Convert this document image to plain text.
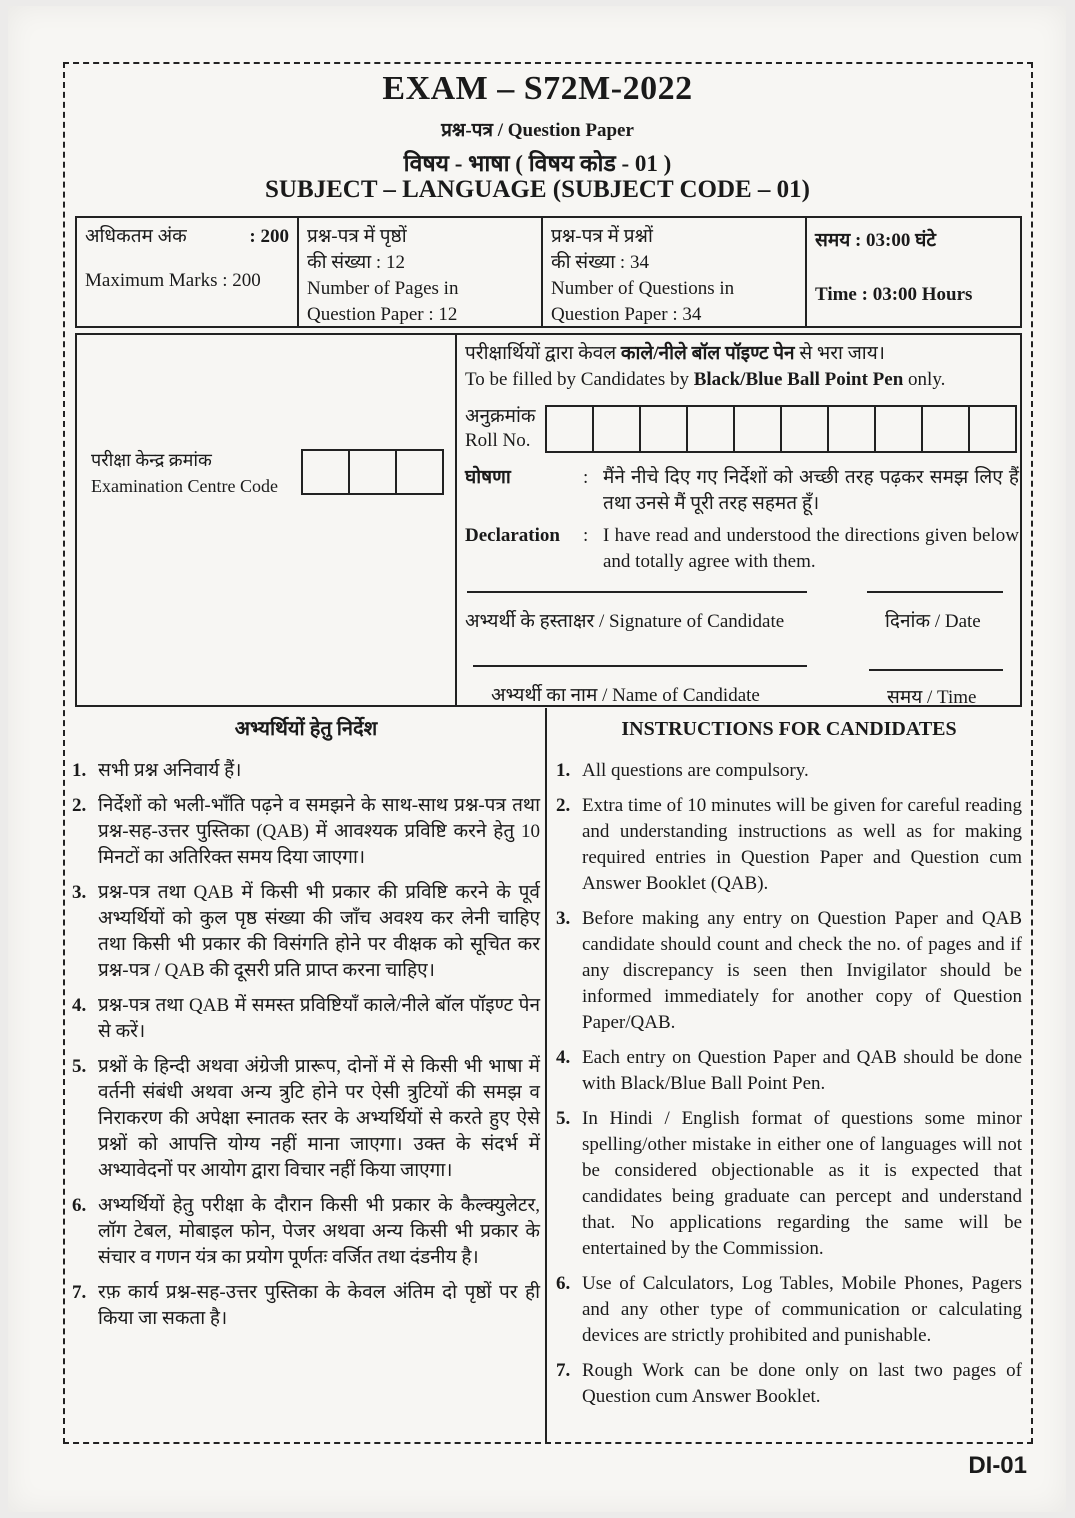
EXAM – S72M-2022
प्रश्न-पत्र / Question Paper
विषय - भाषा ( विषय कोड - 01 )
SUBJECT – LANGUAGE (SUBJECT CODE – 01)
अधिकतम अंक	: 200
Maximum Marks : 200
प्रश्न-पत्र में पृष्ठों
की संख्या : 12
Number of Pages in
Question Paper : 12
प्रश्न-पत्र में प्रश्नों
की संख्या : 34
Number of Questions in
Question Paper : 34
समय : 03:00 घंटे
Time : 03:00 Hours
परीक्षा केन्द्र क्रमांक
Examination Centre Code
परीक्षार्थियों द्वारा केवल काले/नीले बॉल पॉइण्ट पेन से भरा जाय।
To be filled by Candidates by Black/Blue Ball Point Pen only.
अनुक्रमांक
Roll No.
घोषणा	: मैंने नीचे दिए गए निर्देशों को अच्छी तरह पढ़कर समझ लिए हैं तथा उनसे मैं पूरी तरह सहमत हूँ।
Declaration	: I have read and understood the directions given below and totally agree with them.
अभ्यर्थी के हस्ताक्षर / Signature of Candidate	दिनांक / Date
अभ्यर्थी का नाम / Name of Candidate	समय / Time
अभ्यर्थियों हेतु निर्देश
1. सभी प्रश्न अनिवार्य हैं।
2. निर्देशों को भली-भाँति पढ़ने व समझने के साथ-साथ प्रश्न-पत्र तथा प्रश्न-सह-उत्तर पुस्तिका (QAB) में आवश्यक प्रविष्टि करने हेतु 10 मिनटों का अतिरिक्त समय दिया जाएगा।
3. प्रश्न-पत्र तथा QAB में किसी भी प्रकार की प्रविष्टि करने के पूर्व अभ्यर्थियों को कुल पृष्ठ संख्या की जाँच अवश्य कर लेनी चाहिए तथा किसी भी प्रकार की विसंगति होने पर वीक्षक को सूचित कर प्रश्न-पत्र / QAB की दूसरी प्रति प्राप्त करना चाहिए।
4. प्रश्न-पत्र तथा QAB में समस्त प्रविष्टियाँ काले/नीले बॉल पॉइण्ट पेन से करें।
5. प्रश्नों के हिन्दी अथवा अंग्रेजी प्रारूप, दोनों में से किसी भी भाषा में वर्तनी संबंधी अथवा अन्य त्रुटि होने पर ऐसी त्रुटियों की समझ व निराकरण की अपेक्षा स्नातक स्तर के अभ्यर्थियों से करते हुए ऐसे प्रश्नों को आपत्ति योग्य नहीं माना जाएगा। उक्त के संदर्भ में अभ्यावेदनों पर आयोग द्वारा विचार नहीं किया जाएगा।
6. अभ्यर्थियों हेतु परीक्षा के दौरान किसी भी प्रकार के कैल्क्युलेटर, लॉग टेबल, मोबाइल फोन, पेजर अथवा अन्य किसी भी प्रकार के संचार व गणन यंत्र का प्रयोग पूर्णतः वर्जित तथा दंडनीय है।
7. रफ़ कार्य प्रश्न-सह-उत्तर पुस्तिका के केवल अंतिम दो पृष्ठों पर ही किया जा सकता है।
INSTRUCTIONS FOR CANDIDATES
1. All questions are compulsory.
2. Extra time of 10 minutes will be given for careful reading and understanding instructions as well as for making required entries in Question Paper and Question cum Answer Booklet (QAB).
3. Before making any entry on Question Paper and QAB candidate should count and check the no. of pages and if any discrepancy is seen then Invigilator should be informed immediately for another copy of Question Paper/QAB.
4. Each entry on Question Paper and QAB should be done with Black/Blue Ball Point Pen.
5. In Hindi / English format of questions some minor spelling/other mistake in either one of languages will not be considered objectionable as it is expected that candidates being graduate can percept and understand that. No applications regarding the same will be entertained by the Commission.
6. Use of Calculators, Log Tables, Mobile Phones, Pagers and any other type of communication or calculating devices are strictly prohibited and punishable.
7. Rough Work can be done only on last two pages of Question cum Answer Booklet.
DI-01
